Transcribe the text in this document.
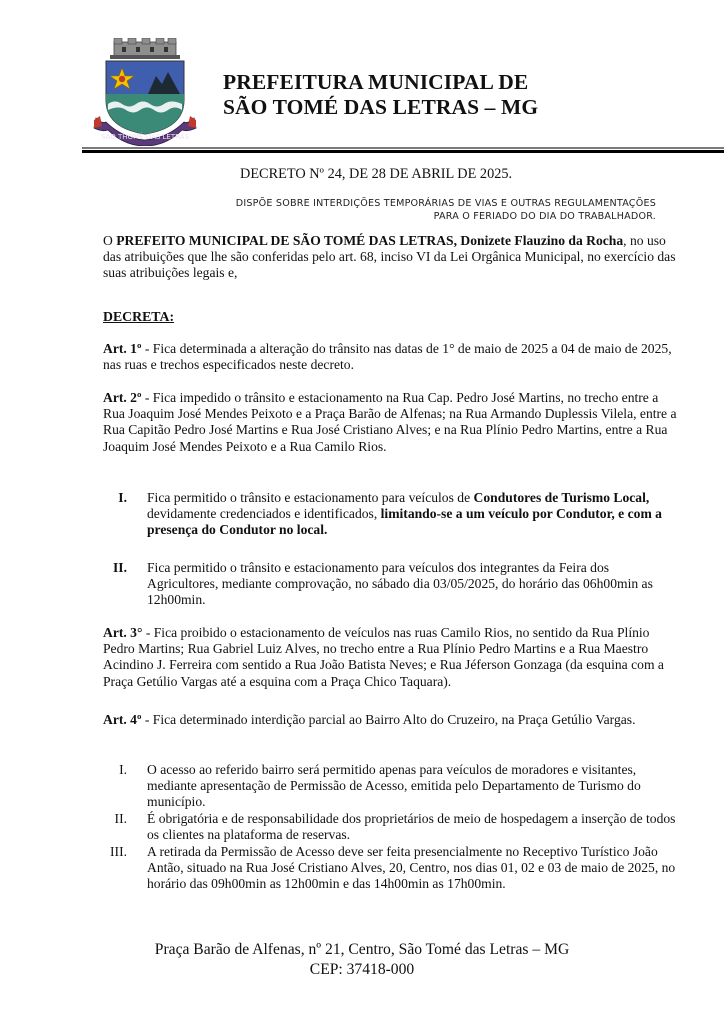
SÃO THOMÉ DAS LETRAS
PREFEITURA MUNICIPAL DE
SÃO TOMÉ DAS LETRAS – MG
DECRETO Nº 24, DE 28 DE ABRIL DE 2025.
DISPÕE SOBRE INTERDIÇÕES TEMPORÁRIAS DE VIAS E OUTRAS REGULAMENTAÇÕES
PARA O FERIADO DO DIA DO TRABALHADOR.
O PREFEITO MUNICIPAL DE SÃO TOMÉ DAS LETRAS, Donizete Flauzino da Rocha, no uso das atribuições que lhe são conferidas pelo art. 68, inciso VI da Lei Orgânica Municipal, no exercício das suas atribuições legais e,
DECRETA:
Art. 1º - Fica determinada a alteração do trânsito nas datas de 1° de maio de 2025 a 04 de maio de 2025, nas ruas e trechos especificados neste decreto.
Art. 2º - Fica impedido o trânsito e estacionamento na Rua Cap. Pedro José Martins, no trecho entre a Rua Joaquim José Mendes Peixoto e a Praça Barão de Alfenas; na Rua Armando Duplessis Vilela, entre a Rua Capitão Pedro José Martins e Rua José Cristiano Alves; e na Rua Plínio Pedro Martins, entre a Rua Joaquim José Mendes Peixoto e a Rua Camilo Rios.
I. Fica permitido o trânsito e estacionamento para veículos de Condutores de Turismo Local, devidamente credenciados e identificados, limitando-se a um veículo por Condutor, e com a presença do Condutor no local.
II. Fica permitido o trânsito e estacionamento para veículos dos integrantes da Feira dos Agricultores, mediante comprovação, no sábado dia 03/05/2025, do horário das 06h00min as 12h00min.
Art. 3° - Fica proibido o estacionamento de veículos nas ruas Camilo Rios, no sentido da Rua Plínio Pedro Martins; Rua Gabriel Luiz Alves, no trecho entre a Rua Plínio Pedro Martins e a Rua Maestro Acindino J. Ferreira com sentido a Rua João Batista Neves; e Rua Jéferson Gonzaga (da esquina com a Praça Getúlio Vargas até a esquina com a Praça Chico Taquara).
Art. 4º - Fica determinado interdição parcial ao Bairro Alto do Cruzeiro, na Praça Getúlio Vargas.
I. O acesso ao referido bairro será permitido apenas para veículos de moradores e visitantes, mediante apresentação de Permissão de Acesso, emitida pelo Departamento de Turismo do município.
II. É obrigatória e de responsabilidade dos proprietários de meio de hospedagem a inserção de todos os clientes na plataforma de reservas.
III. A retirada da Permissão de Acesso deve ser feita presencialmente no Receptivo Turístico João Antão, situado na Rua José Cristiano Alves, 20, Centro, nos dias 01, 02 e 03 de maio de 2025, no horário das 09h00min as 12h00min e das 14h00min as 17h00min.
Praça Barão de Alfenas, nº 21, Centro, São Tomé das Letras – MG
CEP: 37418-000
